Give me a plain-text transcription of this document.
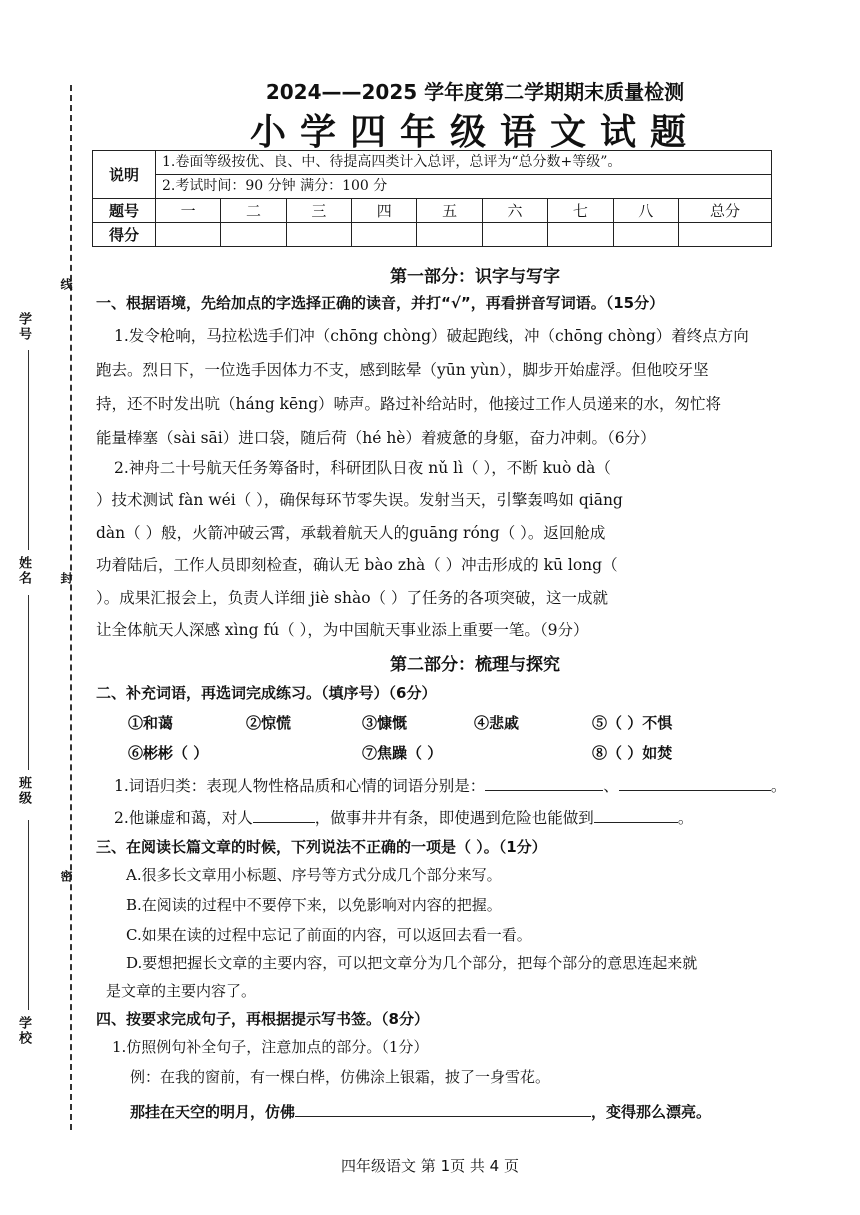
学号
姓名
班级
学校
线
封
密
2024——2025 学年度第二学期期末质量检测
小学四年级语文试题
说明	1.卷面等级按优、良、中、待提高四类计入总评，总评为“总分数+等级”。								
	2.考试时间：90 分钟 满分：100 分								
题号	一	二	三	四	五	六	七	八	总分
得分									
第一部分：识字与写字
一、根据语境，先给加点的字选择正确的读音，并打“√”，再看拼音写词语。（15分）
1.发令枪响，马拉松选手们冲（chōng chòng）破起跑线，冲（chōng chòng）着终点方向
跑去。烈日下，一位选手因体力不支，感到眩晕（yūn yùn），脚步开始虚浮。但他咬牙坚
持，还不时发出吭（háng kēng）哧声。路过补给站时，他接过工作人员递来的水，匆忙将
能量棒塞（sài sāi）进口袋，随后荷（hé hè）着疲惫的身躯，奋力冲刺。（6分）
2.神舟二十号航天任务筹备时，科研团队日夜 nǔ lì（ ），不断 kuò dà（
）技术测试 fàn wéi（ ），确保每环节零失误。发射当天，引擎轰鸣如 qiāng
dàn（ ）般，火箭冲破云霄，承载着航天人的guāng róng（ ）。返回舱成
功着陆后，工作人员即刻检查，确认无 bào zhà（ ）冲击形成的 kū long（
）。成果汇报会上，负责人详细 jiè shào（ ）了任务的各项突破，这一成就
让全体航天人深感 xìng fú（ ），为中国航天事业添上重要一笔。（9分）
第二部分：梳理与探究
二、补充词语，再选词完成练习。（填序号）（6分）
①和蔼	②惊慌	③慷慨	④悲戚	⑤（ ）不惧
⑥彬彬（ ）	⑦焦躁（ ）	⑧（ ）如焚
1.词语归类：表现人物性格品质和心情的词语分别是：	、	。
2.他谦虚和蔼，对人	，做事井井有条，即使遇到危险也能做到	。
三、在阅读长篇文章的时候，下列说法不正确的一项是（ ）。（1分）
A.很多长文章用小标题、序号等方式分成几个部分来写。
B.在阅读的过程中不要停下来，以免影响对内容的把握。
C.如果在读的过程中忘记了前面的内容，可以返回去看一看。
D.要想把握长文章的主要内容，可以把文章分为几个部分，把每个部分的意思连起来就
是文章的主要内容了。
四、按要求完成句子，再根据提示写书签。（8分）
1.仿照例句补全句子，注意加点的部分。（1分）
例：在我的窗前，有一棵白桦，仿佛涂上银霜，披了一身雪花。
那挂在天空的明月，仿佛	，变得那么漂亮。
四年级语文 第 1页 共 4 页
